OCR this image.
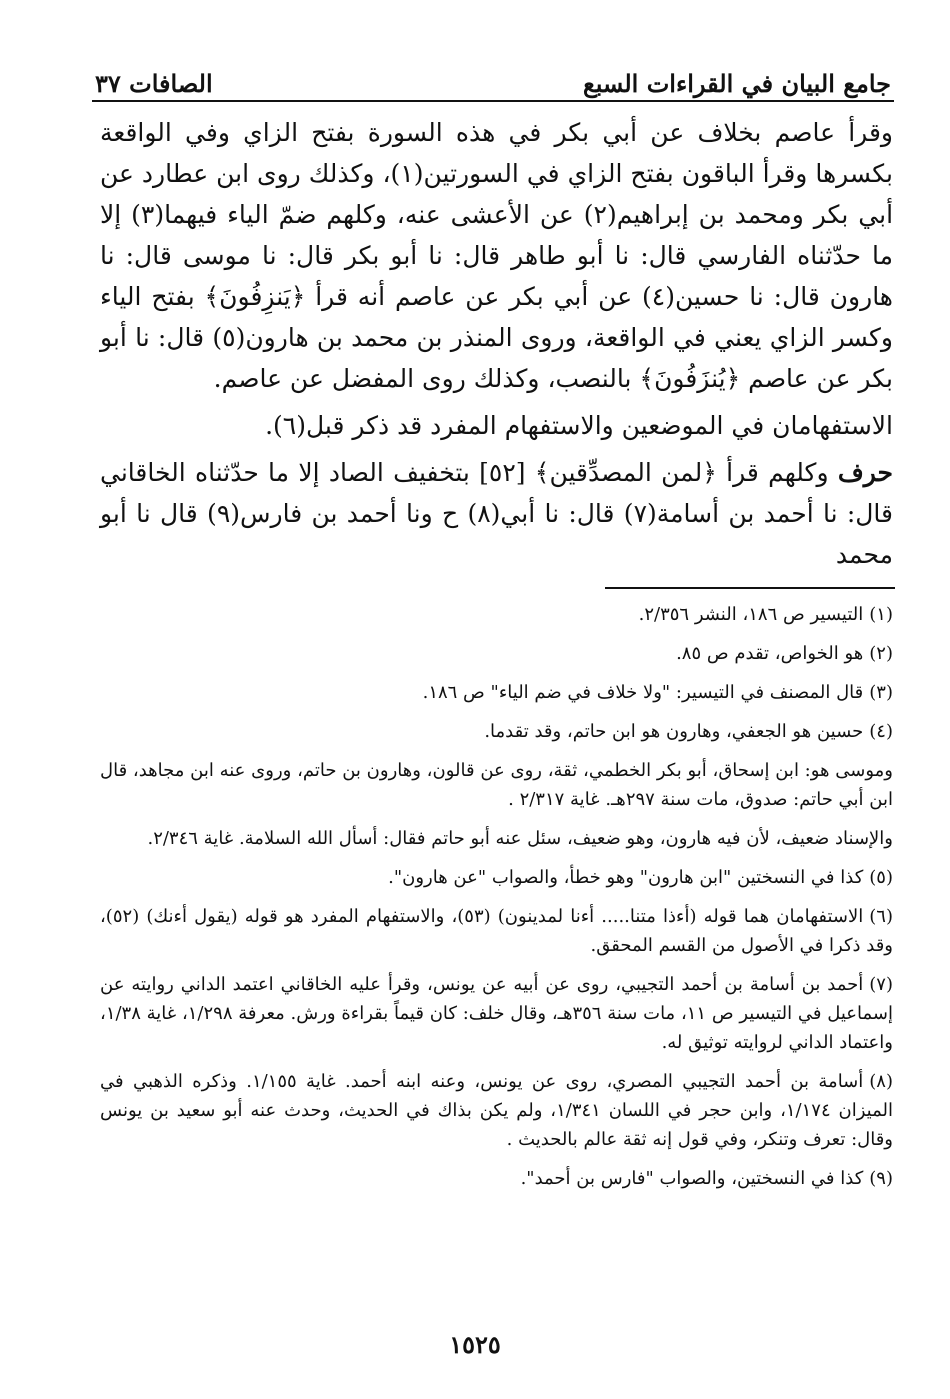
جامع البيان في القراءات السبع
الصافات ٣٧

وقرأ عاصم بخلاف عن أبي بكر في هذه السورة بفتح الزاي وفي الواقعة بكسرها وقرأ الباقون بفتح الزاي في السورتين(١)، وكذلك روى ابن عطارد عن أبي بكر ومحمد بن إبراهيم(٢) عن الأعشى عنه، وكلهم ضمّ الياء فيهما(٣) إلا ما حدّثناه الفارسي قال: نا أبو طاهر قال: نا أبو بكر قال: نا موسى قال: نا هارون قال: نا حسين(٤) عن أبي بكر عن عاصم أنه قرأ ﴿يَنزِفُونَ﴾ بفتح الياء وكسر الزاي يعني في الواقعة، وروى المنذر بن محمد بن هارون(٥) قال: نا أبو بكر عن عاصم ﴿يُنزَفُونَ﴾ بالنصب، وكذلك روى المفضل عن عاصم.

الاستفهامان في الموضعين والاستفهام المفرد قد ذكر قبل(٦).

حرف وكلهم قرأ ﴿لمن المصدِّقين﴾ [٥٢] بتخفيف الصاد إلا ما حدّثناه الخاقاني قال: نا أحمد بن أسامة(٧) قال: نا أبي(٨) ح ونا أحمد بن فارس(٩) قال نا أبو محمد

(١)التيسير ص ١٨٦، النشر ٢/٣٥٦.

(٢)هو الخواص، تقدم ص ٨٥.

(٣)قال المصنف في التيسير: "ولا خلاف في ضم الياء" ص ١٨٦.

(٤)حسين هو الجعفي، وهارون هو ابن حاتم، وقد تقدما.

وموسى هو: ابن إسحاق، أبو بكر الخطمي، ثقة، روى عن قالون، وهارون بن حاتم، وروى عنه ابن مجاهد، قال ابن أبي حاتم: صدوق، مات سنة ٢٩٧هـ. غاية ٢/٣١٧ .

والإسناد ضعيف، لأن فيه هارون، وهو ضعيف، سئل عنه أبو حاتم فقال: أسأل الله السلامة. غاية ٢/٣٤٦.

(٥)كذا في النسختين "ابن هارون" وهو خطأ، والصواب "عن هارون".

(٦)الاستفهامان هما قوله (أءذا متنا..... أءنا لمدينون) (٥٣)، والاستفهام المفرد هو قوله (يقول أءنك) (٥٢)، وقد ذكرا في الأصول من القسم المحقق.

(٧)أحمد بن أسامة بن أحمد التجيبي، روى عن أبيه عن يونس، وقرأ عليه الخاقاني اعتمد الداني روايته عن إسماعيل في التيسير ص ١١، مات سنة ٣٥٦هـ، وقال خلف: كان قيماً بقراءة ورش. معرفة ١/٢٩٨، غاية ١/٣٨، واعتماد الداني لروايته توثيق له.

(٨)أسامة بن أحمد التجيبي المصري، روى عن يونس، وعنه ابنه أحمد. غاية ١/١٥٥. وذكره الذهبي في الميزان ١/١٧٤، وابن حجر في اللسان ١/٣٤١، ولم يكن بذاك في الحديث، وحدث عنه أبو سعيد بن يونس وقال: تعرف وتنكر، وفي قول إنه ثقة عالم بالحديث .

(٩)كذا في النسختين، والصواب "فارس بن أحمد".

١٥٢٥
